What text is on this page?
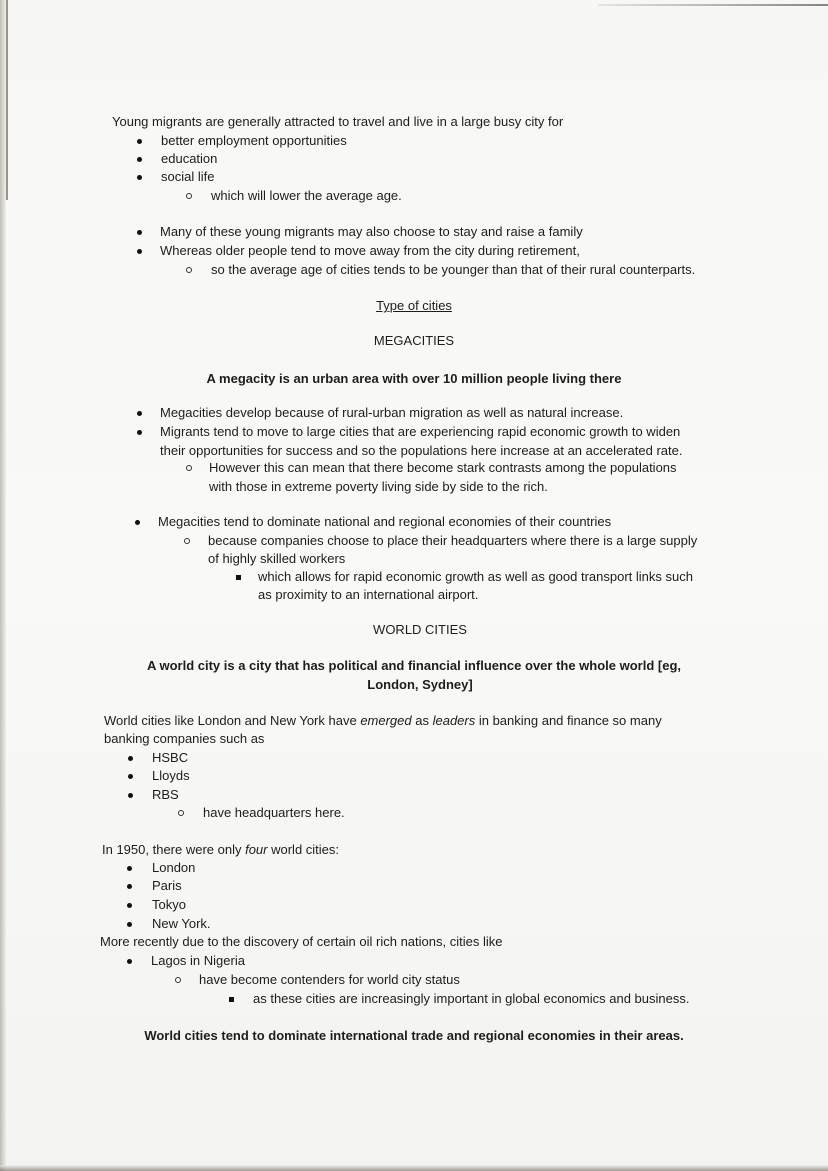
Young migrants are generally attracted to travel and live in a large busy city for
better employment opportunities
education
social life
which will lower the average age.
Many of these young migrants may also choose to stay and raise a family
Whereas older people tend to move away from the city during retirement,
so the average age of cities tends to be younger than that of their rural counterparts.
Type of cities
MEGACITIES
A megacity is an urban area with over 10 million people living there
Megacities develop because of rural-urban migration as well as natural increase.
Migrants tend to move to large cities that are experiencing rapid economic growth to widen
their opportunities for success and so the populations here increase at an accelerated rate.
However this can mean that there become stark contrasts among the populations
with those in extreme poverty living side by side to the rich.
Megacities tend to dominate national and regional economies of their countries
because companies choose to place their headquarters where there is a large supply
of highly skilled workers
which allows for rapid economic growth as well as good transport links such
as proximity to an international airport.
WORLD CITIES
A world city is a city that has political and financial influence over the whole world [eg,
London, Sydney]
World cities like London and New York have emerged as leaders in banking and finance so many
banking companies such as
HSBC
Lloyds
RBS
have headquarters here.
In 1950, there were only four world cities:
London
Paris
Tokyo
New York.
More recently due to the discovery of certain oil rich nations, cities like
Lagos in Nigeria
have become contenders for world city status
as these cities are increasingly important in global economics and business.
World cities tend to dominate international trade and regional economies in their areas.
